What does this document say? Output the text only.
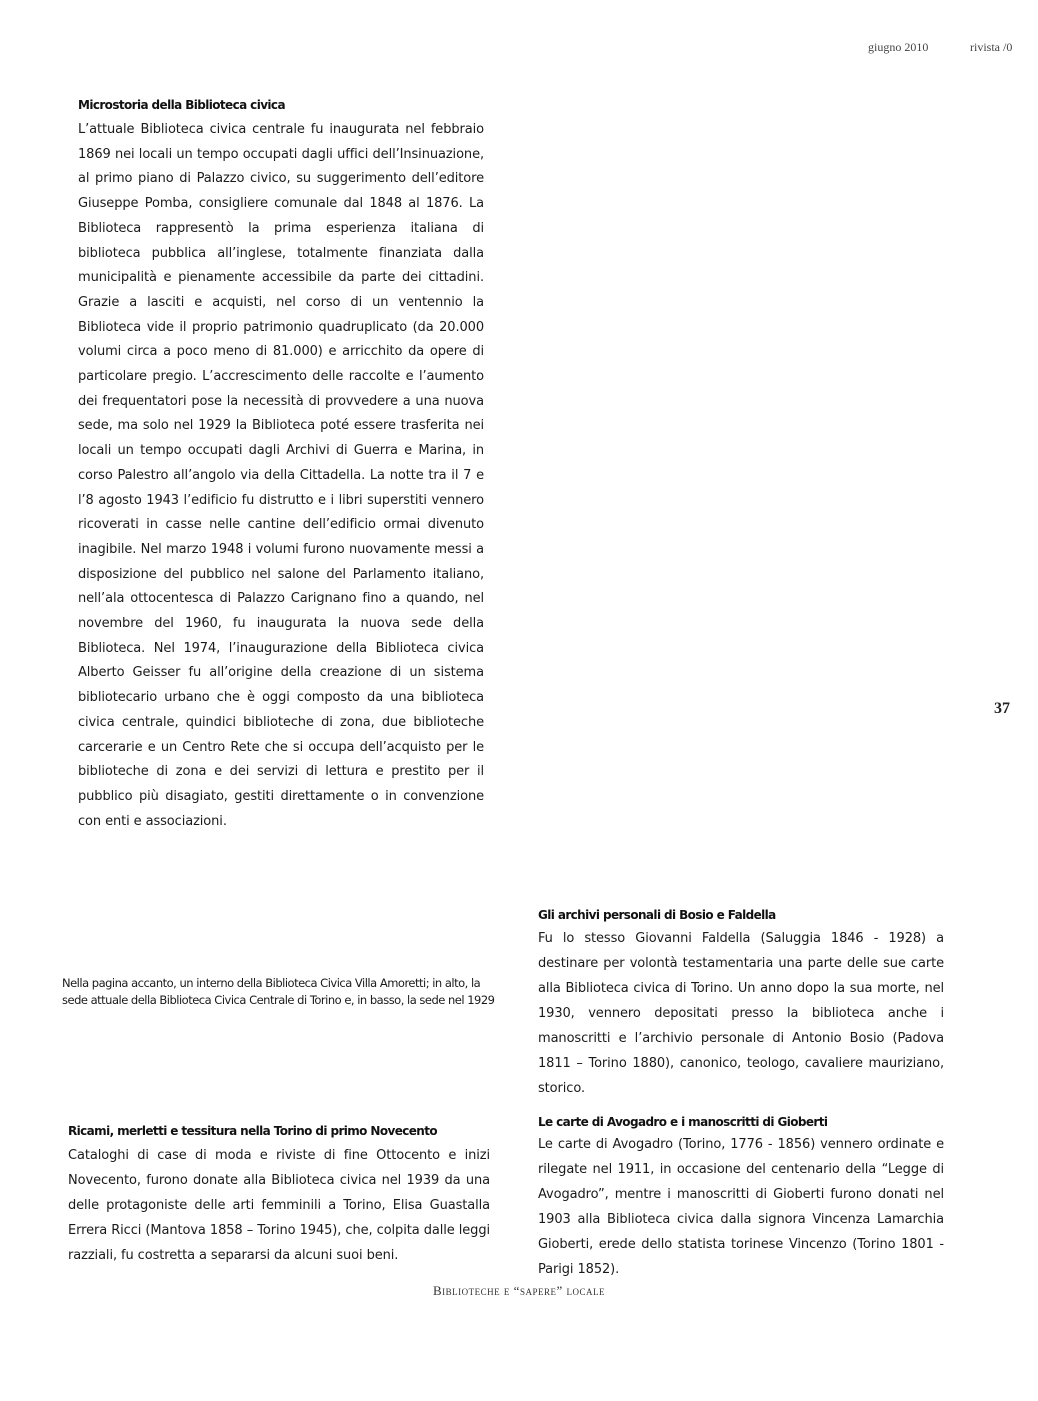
giugno 2010	rivista /0
Microstoria della Biblioteca civica

L’attuale Biblioteca civica centrale fu inaugurata nel febbraio 1869 nei locali un tempo occupati dagli uffici dell’Insinuazione, al primo piano di Palazzo civico, su suggerimento dell’editore Giuseppe Pomba, consigliere comunale dal 1848 al 1876. La Biblioteca rappresentò la prima esperienza italiana di biblioteca pubblica all’inglese, totalmente finanziata dalla municipalità e pienamente accessibile da parte dei cittadini. Grazie a lasciti e acquisti, nel corso di un ventennio la Biblioteca vide il proprio patrimonio quadruplicato (da 20.000 volumi circa a poco meno di 81.000) e arricchito da opere di particolare pregio. L’accrescimento delle raccolte e l’aumento dei frequentatori pose la necessità di provvedere a una nuova sede, ma solo nel 1929 la Biblioteca poté essere trasferita nei locali un tempo occupati dagli Archivi di Guerra e Marina, in corso Palestro all’angolo via della Cittadella. La notte tra il 7 e l’8 agosto 1943 l’edificio fu distrutto e i libri superstiti vennero ricoverati in casse nelle cantine dell’edificio ormai divenuto inagibile. Nel marzo 1948 i volumi furono nuovamente messi a disposizione del pubblico nel salone del Parlamento italiano, nell’ala ottocentesca di Palazzo Carignano fino a quando, nel novembre del 1960, fu inaugurata la nuova sede della Biblioteca. Nel 1974, l’inaugurazione della Biblioteca civica Alberto Geisser fu all’origine della creazione di un sistema bibliotecario urbano che è oggi composto da una biblioteca civica centrale, quindici biblioteche di zona, due biblioteche carcerarie e un Centro Rete che si occupa dell’acquisto per le biblioteche di zona e dei servizi di lettura e prestito per il pubblico più disagiato, gestiti direttamente o in convenzione con enti e associazioni.

37
Gli archivi personali di Bosio e Faldella

Fu lo stesso Giovanni Faldella (Saluggia 1846 - 1928) a destinare per volontà testamentaria una parte delle sue carte alla Biblioteca civica di Torino. Un anno dopo la sua morte, nel 1930, vennero depositati presso la biblioteca anche i manoscritti e l’archivio personale di Antonio Bosio (Padova 1811 – Torino 1880), canonico, teologo, cavaliere mauriziano, storico.

Nella pagina accanto, un interno della Biblioteca Civica Villa Amoretti; in alto, la sede attuale della Biblioteca Civica Centrale di Torino e, in basso, la sede nel 1929
Le carte di Avogadro e i manoscritti di Gioberti

Le carte di Avogadro (Torino, 1776 - 1856) vennero ordinate e rilegate nel 1911, in occasione del centenario della “Legge di Avogadro”, mentre i manoscritti di Gioberti furono donati nel 1903 alla Biblioteca civica dalla signora Vincenza Lamarchia Gioberti, erede dello statista torinese Vincenzo (Torino 1801 - Parigi 1852).

Ricami, merletti e tessitura nella Torino di primo Novecento

Cataloghi di case di moda e riviste di fine Ottocento e inizi Novecento, furono donate alla Biblioteca civica nel 1939 da una delle protagoniste delle arti femminili a Torino, Elisa Guastalla Errera Ricci (Mantova 1858 – Torino 1945), che, colpita dalle leggi razziali, fu costretta a separarsi da alcuni suoi beni.

Biblioteche e “sapere” locale
